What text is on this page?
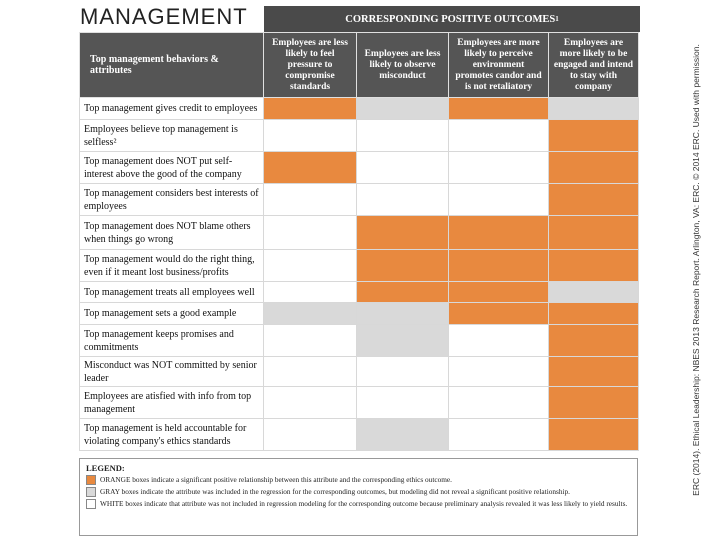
MANAGEMENT	CORRESPONDING POSITIVE OUTCOMES 1
Top management behaviors & attributes	Employees are less likely to feel pressure to compromise standards	Employees are less likely to observe misconduct	Employees are more likely to perceive environment promotes candor and is not retaliatory	Employees are more likely to be engaged and intend to stay with company
Top management gives credit to employees				
Employees believe top management is selfless²				
Top management does NOT put self-interest above the good of the company				
Top management considers best interests of employees				
Top management does NOT blame others when things go wrong				
Top management would do the right thing, even if it meant lost business/profits				
Top management treats all employees well				
Top management sets a good example				
Top management keeps promises and commitments				
Misconduct was NOT committed by senior leader				
Employees are atisfied with info from top management				
Top management is held accountable for violating company's ethics standards				
LEGEND:
ORANGE boxes indicate a significant positive relationship between this attribute and the corresponding ethics outcome.
GRAY boxes indicate the attribute was included in the regression for the corresponding outcomes, but modeling did not reveal a significant positive relationship.
WHITE boxes indicate that attribute was not included in regression modeling for the corresponding outcome because preliminary analysis revealed it was less likely to yield results.
ERC (2014). Ethical Leadership: NBES 2013 Research Report. Arlington, VA: ERC. © 2014 ERC. Used with permission.
